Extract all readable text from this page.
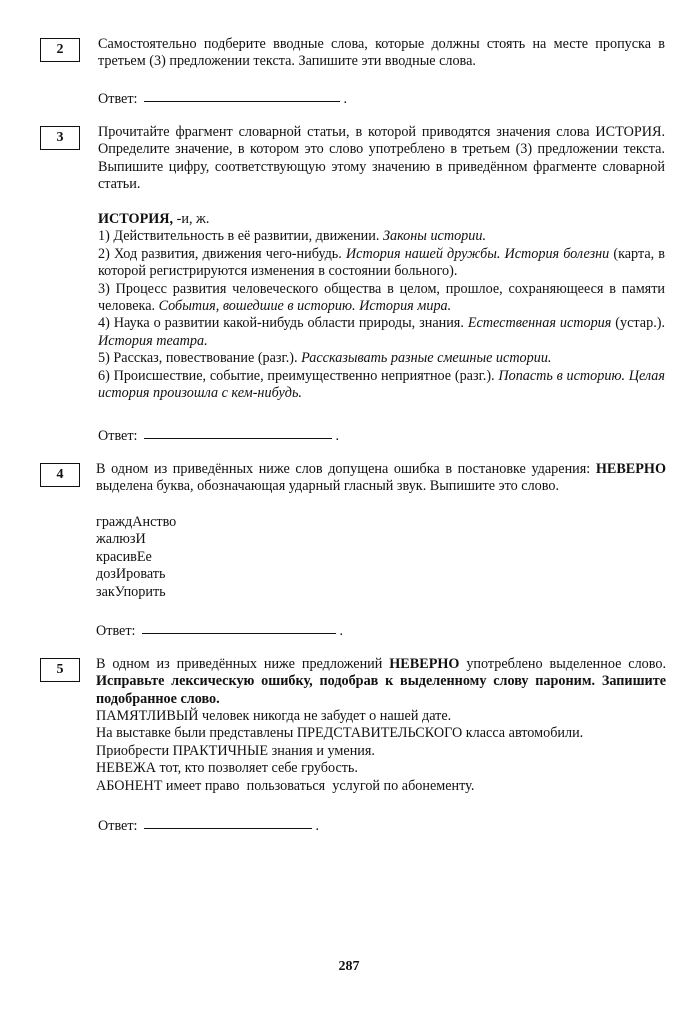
2	Самостоятельно подберите вводные слова, которые должны стоять на месте пропуска в третьем (3) предложении текста. Запишите эти вводные слова.
Ответ:	.
3	Прочитайте фрагмент словарной статьи, в которой приводятся значения слова ИСТОРИЯ. Определите значение, в котором это слово употреблено в третьем (3) предложении текста. Выпишите цифру, соответствующую этому значению в приведённом фрагменте словарной статьи.

ИСТОРИЯ, -и, ж.

1) Действительность в её развитии, движении. Законы истории.

2) Ход развития, движения чего-нибудь. История нашей дружбы. История болезни (карта, в которой регистрируются изменения в состоянии больного).

3) Процесс развития человеческого общества в целом, прошлое, сохраняющееся в памяти человека. События, вошедшие в историю. История мира.

4) Наука о развитии какой-нибудь области природы, знания. Естественная история (устар.). История театра.

5) Рассказ, повествование (разг.). Рассказывать разные смешные истории.

6) Происшествие, событие, преимущественно неприятное (разг.). Попасть в историю. Целая история произошла с кем-нибудь.

Ответ:	.
4	В одном из приведённых ниже слов допущена ошибка в постановке ударения: НЕВЕРНО выделена буква, обозначающая ударный гласный звук. Выпишите это слово.

граждАнство

жалюзИ

красивЕе

дозИровать

закУпорить

Ответ:	.
5	В одном из приведённых ниже предложений НЕВЕРНО употреблено выделенное слово. Исправьте лексическую ошибку, подобрав к выделенному слову пароним. Запишите подобранное слово.

ПАМЯТЛИВЫЙ человек никогда не забудет о нашей дате.

На выставке были представлены ПРЕДСТАВИТЕЛЬСКОГО класса автомобили.

Приобрести ПРАКТИЧНЫЕ знания и умения.

НЕВЕЖА тот, кто позволяет себе грубость.

АБОНЕНТ имеет право  пользоваться  услугой по абонементу.

Ответ:	.
287
